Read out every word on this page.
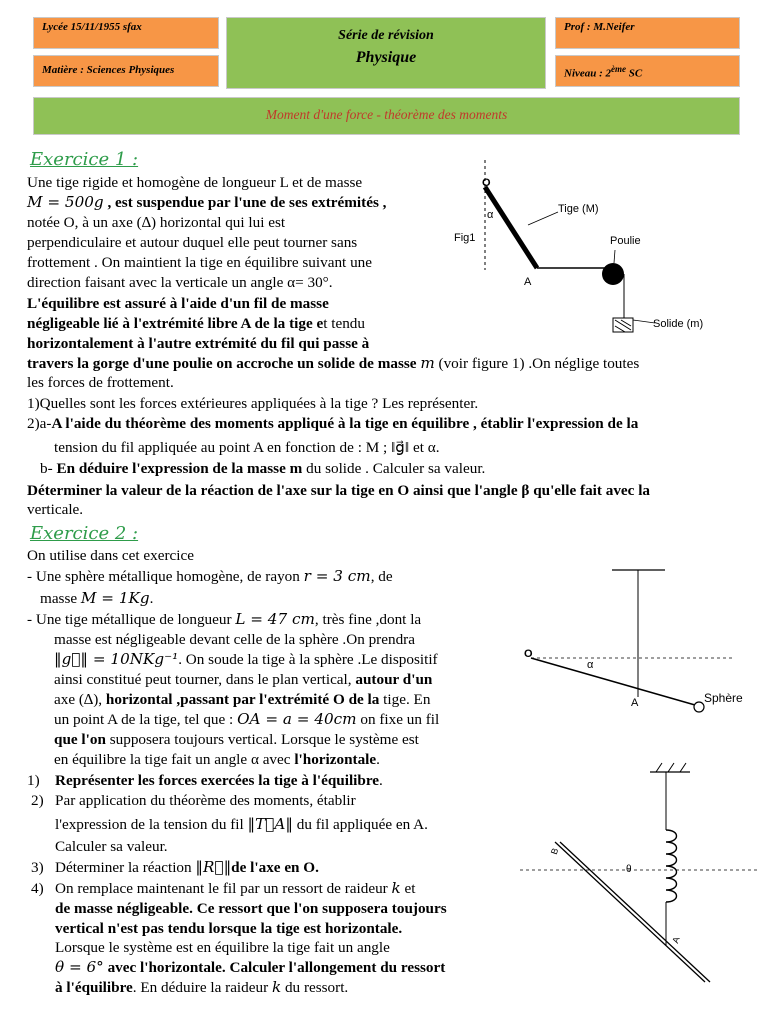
Lycée 15/11/1955 sfax
Matière : Sciences Physiques
Série de révision
Physique
Prof : M.Neifer
Niveau : 2ème SC
Moment d'une force - théorème des moments
Exercice 1 :
Une tige rigide et homogène de longueur L et de masse
M = 500g , est suspendue par l'une de ses extrémités ,
notée O, à un axe (∆) horizontal qui lui est
perpendiculaire et autour duquel elle peut tourner sans
frottement . On maintient la tige en équilibre suivant une
direction faisant avec la verticale un angle α= 30°.
L'équilibre est assuré à l'aide d'un fil de masse
négligeable lié à l'extrémité libre A de la tige et tendu
horizontalement à l'autre extrémité du fil qui passe à
travers la gorge d'une poulie on accroche un solide de masse m (voir figure 1) .On néglige toutes
les forces de frottement.
1)Quelles sont les forces extérieures appliquées à la tige ? Les représenter.
2)a-A l'aide du théorème des moments appliqué à la tige en équilibre , établir l'expression de la
tension du fil appliquée au point A en fonction de : M ; ‖g⃗‖ et α.
b- En déduire l'expression de la masse m du solide . Calculer sa valeur.
Déterminer la valeur de la réaction de l'axe sur la tige en O ainsi que l'angle β qu'elle fait avec la
verticale.
O
α	Tige (M)
Fig1	Poulie
A
Solide (m)
Exercice 2 :
On utilise dans cet exercice
- Une sphère métallique homogène, de rayon r = 3 cm, de
masse M = 1Kg.
- Une tige métallique de longueur L = 47 cm, très fine ,dont la
masse est négligeable devant celle de la sphère .On prendra
‖g⃗‖ = 10NKg⁻¹. On soude la tige à la sphère .Le dispositif
ainsi constitué peut tourner, dans le plan vertical, autour d'un
axe (∆), horizontal ,passant par l'extrémité O de la tige. En
un point A de la tige, tel que : OA = a = 40cm on fixe un fil
que l'on supposera toujours vertical. Lorsque le système est
en équilibre la tige fait un angle α avec l'horizontale.
1) Représenter les forces exercées la tige à l'équilibre.
2) Par application du théorème des moments, établir
l'expression de la tension du fil ‖T⃗A‖ du fil appliquée en A.
Calculer sa valeur.
3) Déterminer la réaction ‖R⃗‖de l'axe en O.
4) On remplace maintenant le fil par un ressort de raideur k et
de masse négligeable. Ce ressort que l'on supposera toujours
vertical n'est pas tendu lorsque la tige est horizontale.
Lorsque le système est en équilibre la tige fait un angle
θ = 6° avec l'horizontale. Calculer l'allongement du ressort
à l'équilibre. En déduire la raideur k du ressort.
O
α
A	Sphère
B
θ
A
